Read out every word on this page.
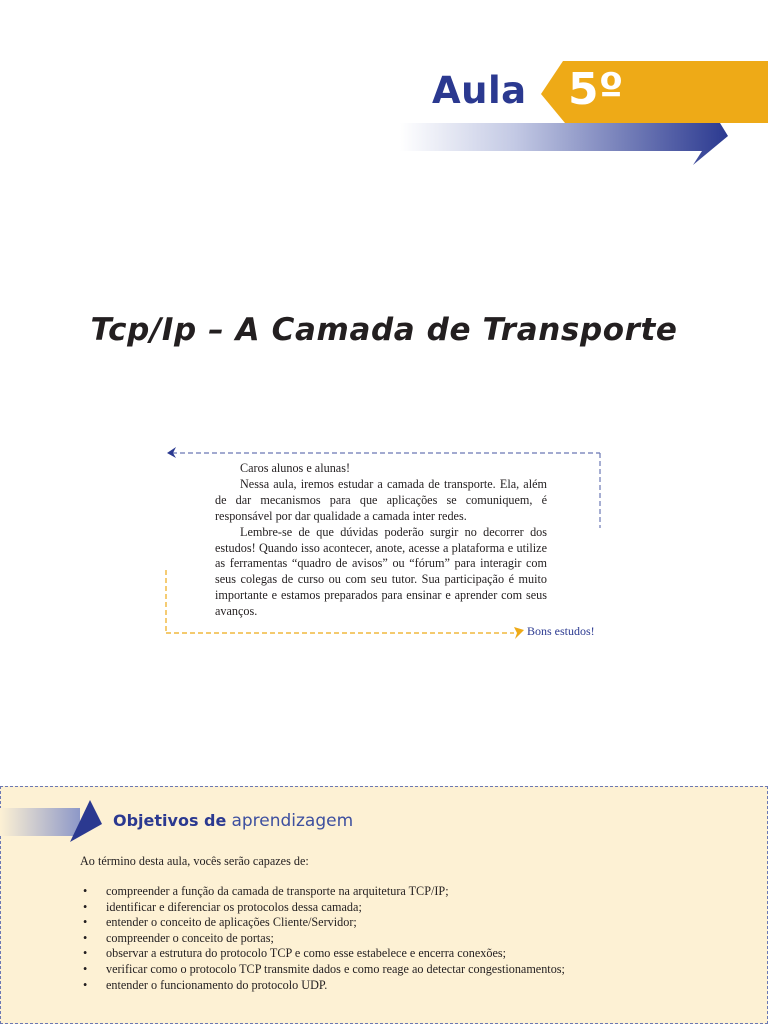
Aula 5º
Tcp/Ip – A Camada de Transporte

Caros alunos e alunas!

Nessa aula, iremos estudar a camada de transporte. Ela, além de dar mecanismos para que aplicações se comuniquem, é responsável por dar qualidade a camada inter redes.

Lembre-se de que dúvidas poderão surgir no decorrer dos estudos! Quando isso acontecer, anote, acesse a plataforma e utilize as ferramentas “quadro de avisos” ou “fórum” para interagir com seus colegas de curso ou com seu tutor. Sua participação é muito importante e estamos preparados para ensinar e aprender com seus avanços.

Bons estudos!
Objetivos de aprendizagem
Ao término desta aula, vocês serão capazes de:
• compreender a função da camada de transporte na arquitetura TCP/IP;
• identificar e diferenciar os protocolos dessa camada;
• entender o conceito de aplicações Cliente/Servidor;
• compreender o conceito de portas;
• observar a estrutura do protocolo TCP e como esse estabelece e encerra conexões;
• verificar como o protocolo TCP transmite dados e como reage ao detectar congestionamentos;
• entender o funcionamento do protocolo UDP.
